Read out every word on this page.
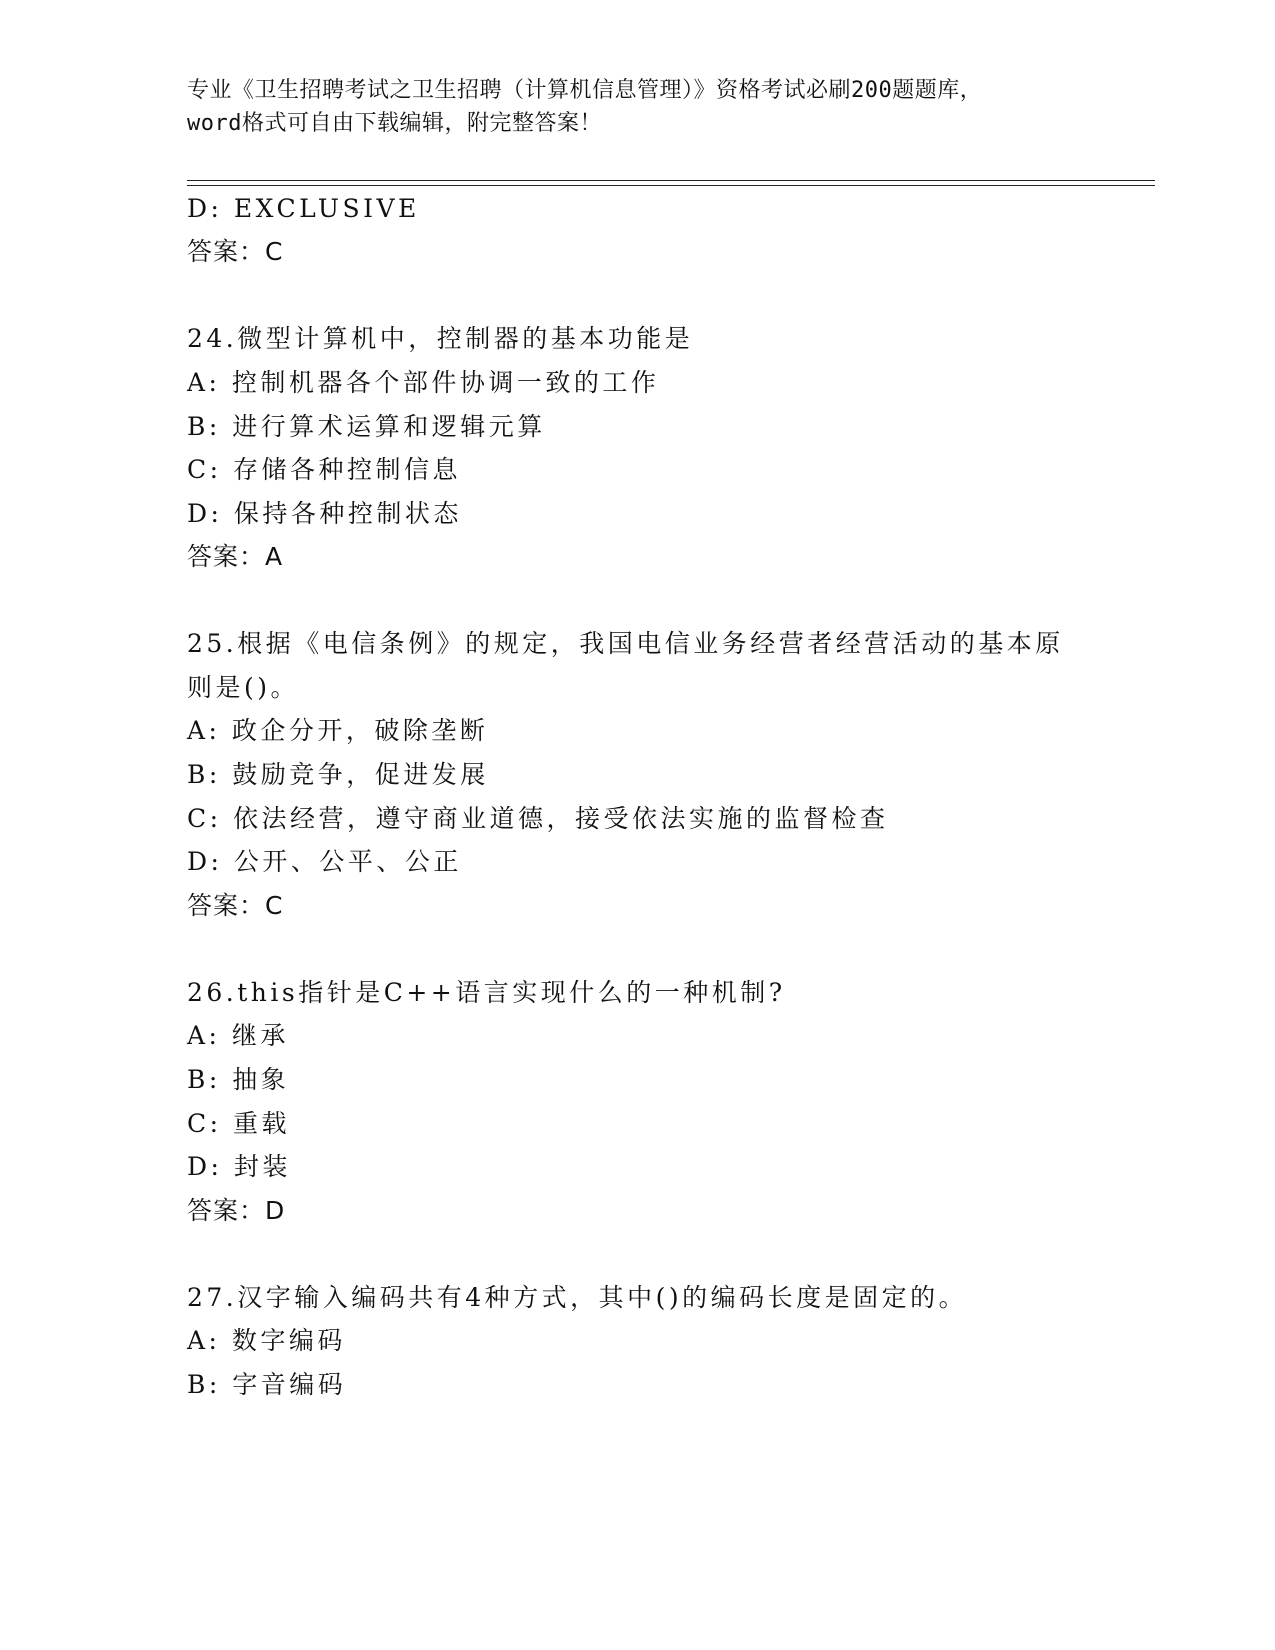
专业《卫生招聘考试之卫生招聘（计算机信息管理）》资格考试必刷200题题库，
word格式可自由下载编辑，附完整答案！
D: EXCLUSIVE
答案：C
24.微型计算机中，控制器的基本功能是
A: 控制机器各个部件协调一致的工作
B: 进行算术运算和逻辑元算
C: 存储各种控制信息
D: 保持各种控制状态
答案：A
25.根据《电信条例》的规定，我国电信业务经营者经营活动的基本原
则是()。
A: 政企分开，破除垄断
B: 鼓励竞争，促进发展
C: 依法经营，遵守商业道德，接受依法实施的监督检查
D: 公开、公平、公正
答案：C
26.this指针是C++语言实现什么的一种机制?
A: 继承
B: 抽象
C: 重载
D: 封装
答案：D
27.汉字输入编码共有4种方式，其中()的编码长度是固定的。
A: 数字编码
B: 字音编码
